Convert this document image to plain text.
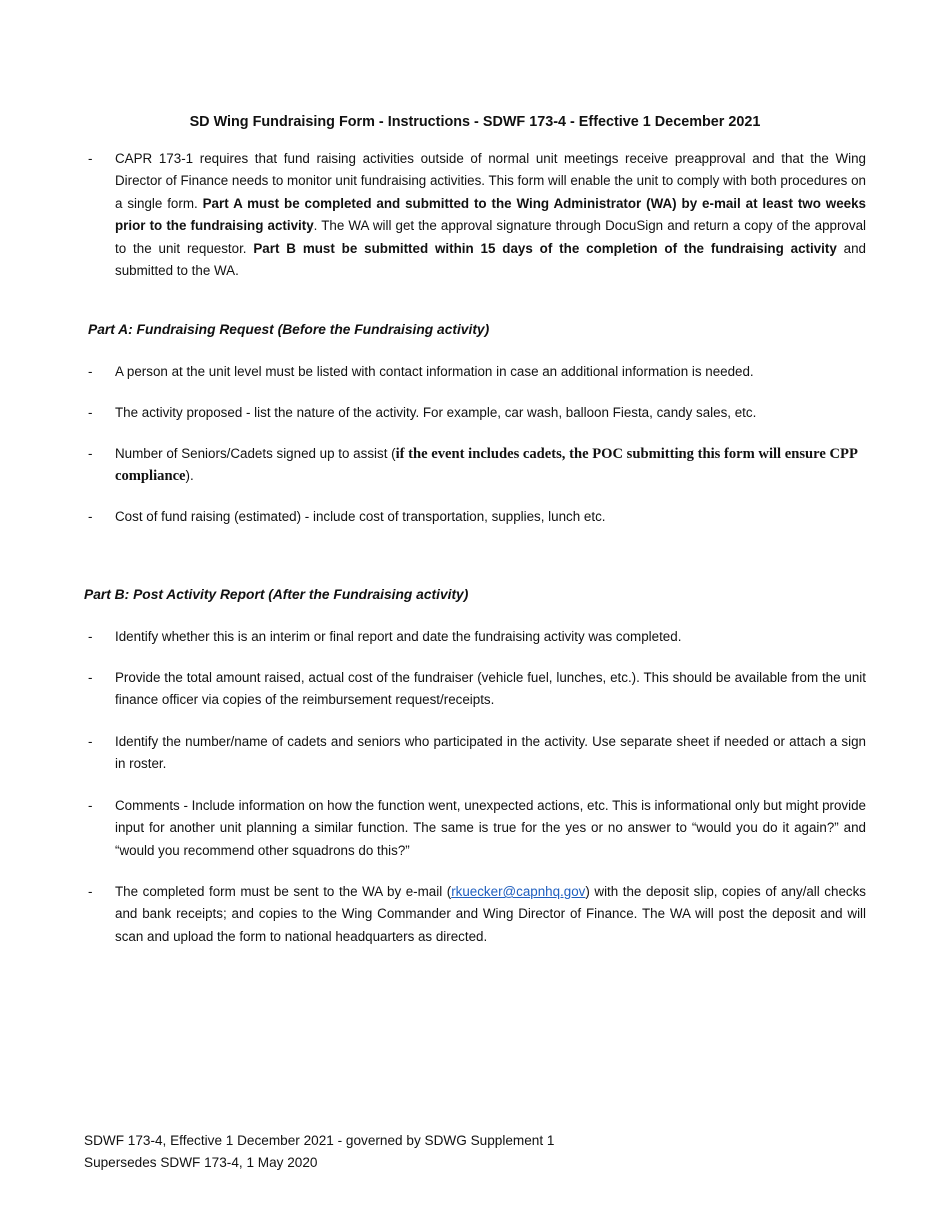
SD Wing Fundraising Form - Instructions - SDWF 173-4 - Effective 1 December 2021
- CAPR 173-1 requires that fund raising activities outside of normal unit meetings receive preapproval and that the Wing Director of Finance needs to monitor unit fundraising activities. This form will enable the unit to comply with both procedures on a single form. Part A must be completed and submitted to the Wing Administrator (WA) by e-mail at least two weeks prior to the fundraising activity. The WA will get the approval signature through DocuSign and return a copy of the approval to the unit requestor. Part B must be submitted within 15 days of the completion of the fundraising activity and submitted to the WA.
Part A: Fundraising Request (Before the Fundraising activity)
- A person at the unit level must be listed with contact information in case an additional information is needed.
- The activity proposed - list the nature of the activity. For example, car wash, balloon Fiesta, candy sales, etc.
- Number of Seniors/Cadets signed up to assist (if the event includes cadets, the POC submitting this form will ensure CPP compliance).
- Cost of fund raising (estimated) - include cost of transportation, supplies, lunch etc.
Part B: Post Activity Report (After the Fundraising activity)
- Identify whether this is an interim or final report and date the fundraising activity was completed.
- Provide the total amount raised, actual cost of the fundraiser (vehicle fuel, lunches, etc.). This should be available from the unit finance officer via copies of the reimbursement request/receipts.
- Identify the number/name of cadets and seniors who participated in the activity. Use separate sheet if needed or attach a sign in roster.
- Comments - Include information on how the function went, unexpected actions, etc. This is informational only but might provide input for another unit planning a similar function. The same is true for the yes or no answer to “would you do it again?” and “would you recommend other squadrons do this?”
- The completed form must be sent to the WA by e-mail (rkuecker@capnhq.gov) with the deposit slip, copies of any/all checks and bank receipts; and copies to the Wing Commander and Wing Director of Finance. The WA will post the deposit and will scan and upload the form to national headquarters as directed.
SDWF 173-4, Effective 1 December 2021 - governed by SDWG Supplement 1
Supersedes SDWF 173-4, 1 May 2020
